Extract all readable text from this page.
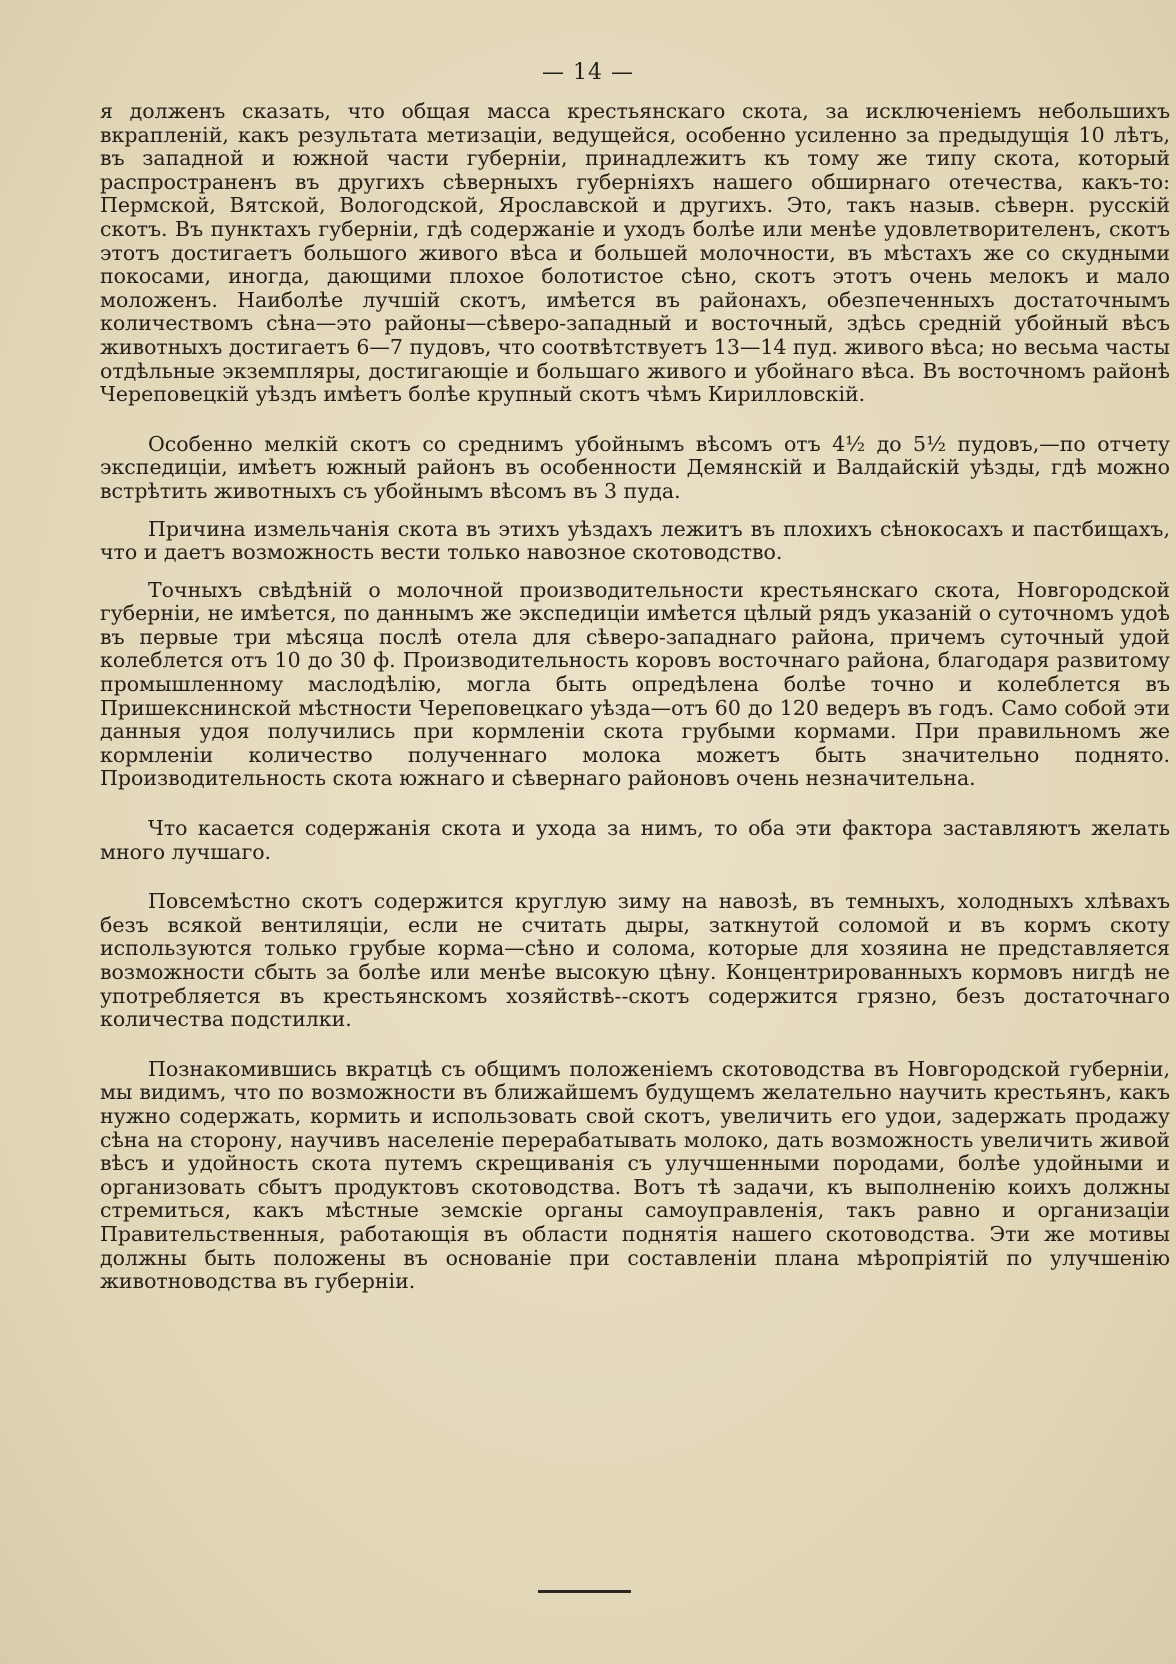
— 14 —

я долженъ сказать, что общая масса крестьянскаго скота, за исключенiемъ небольшихъ вкрапленiй, какъ результата метизацiи, ведущейся, особенно усиленно за предыдущiя 10 лѣтъ, въ западной и южной части губернiи, принадлежитъ къ тому же типу скота, который распространенъ въ другихъ сѣверныхъ губернiяхъ нашего обширнаго отечества, какъ-то: Пермской, Вятской, Вологодской, Ярославской и другихъ. Это, такъ назыв. сѣверн. русскiй скотъ. Въ пунктахъ губернiи, гдѣ содержанiе и уходъ болѣе или менѣе удовлетворителенъ, скотъ этотъ достигаетъ большого живого вѣса и большей молочности, въ мѣстахъ же со скудными покосами, иногда, дающими плохое болотистое сѣно, скотъ этотъ очень мелокъ и мало моложенъ. Наиболѣе лучшiй скотъ, имѣется въ районахъ, обезпеченныхъ достаточнымъ количествомъ сѣна—это районы—сѣверо-западный и восточный, здѣсь среднiй убойный вѣсъ животныхъ достигаетъ 6—7 пудовъ, что соотвѣтствуетъ 13—14 пуд. живого вѣса; но весьма часты отдѣльные экземпляры, достигающiе и большаго живого и убойнаго вѣса. Въ восточномъ районѣ Череповецкiй уѣздъ имѣетъ болѣе крупный скотъ чѣмъ Кирилловскiй.

Особенно мелкiй скотъ со среднимъ убойнымъ вѣсомъ отъ 4½ до 5½ пудовъ,—по отчету экспедицiи, имѣетъ южный районъ въ особенности Демянскiй и Валдайскiй уѣзды, гдѣ можно встрѣтить животныхъ съ убойнымъ вѣсомъ въ 3 пуда.

Причина измельчанiя скота въ этихъ уѣздахъ лежитъ въ плохихъ сѣнокосахъ и пастбищахъ, что и даетъ возможность вести только навозное скотоводство.

Точныхъ свѣдѣнiй о молочной производительности крестьянскаго скота, Новгородской губернiи, не имѣется, по даннымъ же экспедицiи имѣется цѣлый рядъ указанiй о суточномъ удоѣ въ первые три мѣсяца послѣ отела для сѣверо-западнаго района, причемъ суточный удой колеблется отъ 10 до 30 ф. Производительность коровъ восточнаго района, благодаря развитому промышленному маслодѣлiю, могла быть опредѣлена болѣе точно и колеблется въ Пришекснинской мѣстности Череповецкаго уѣзда—отъ 60 до 120 ведеръ въ годъ. Само собой эти данныя удоя получились при кормленiи скота грубыми кормами. При правильномъ же кормленiи количество полученнаго молока можетъ быть значительно поднято. Производительность скота южнаго и сѣвернаго районовъ очень незначительна.

Что касается содержанiя скота и ухода за нимъ, то оба эти фактора заставляютъ желать много лучшаго.

Повсемѣстно скотъ содержится круглую зиму на навозѣ, въ темныхъ, холодныхъ хлѣвахъ безъ всякой вентиляцiи, если не считать дыры, заткнутой соломой и въ кормъ скоту используются только грубые корма—сѣно и солома, которые для хозяина не представляется возможности сбыть за болѣе или менѣе высокую цѣну. Концентрированныхъ кормовъ нигдѣ не употребляется въ крестьянскомъ хозяйствѣ--скотъ содержится грязно, безъ достаточнаго количества подстилки.

Познакомившись вкратцѣ съ общимъ положенiемъ скотоводства въ Новгородской губернiи, мы видимъ, что по возможности въ ближайшемъ будущемъ желательно научить крестьянъ, какъ нужно содержать, кормить и использовать свой скотъ, увеличить его удои, задержать продажу сѣна на сторону, научивъ населенiе перерабатывать молоко, дать возможность увеличить живой вѣсъ и удойность скота путемъ скрещиванiя съ улучшенными породами, болѣе удойными и организовать сбытъ продуктовъ скотоводства. Вотъ тѣ задачи, къ выполненiю коихъ должны стремиться, какъ мѣстные земскiе органы самоуправленiя, такъ равно и организацiи Правительственныя, работающiя въ области поднятiя нашего скотоводства. Эти же мотивы должны быть положены въ основанiе при составленiи плана мѣропрiятiй по улучшенiю животноводства въ губернiи.
